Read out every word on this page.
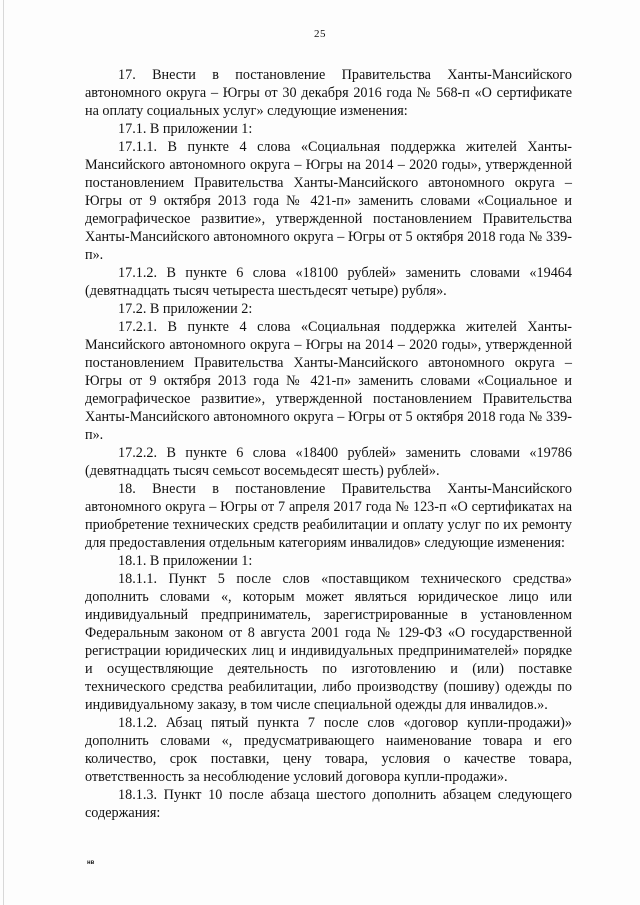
25

17. Внести в постановление Правительства Ханты-Мансийского автономного округа – Югры от 30 декабря 2016 года № 568-п «О сертификате на оплату социальных услуг» следующие изменения:

17.1. В приложении 1:

17.1.1. В пункте 4 слова «Социальная поддержка жителей Ханты-Мансийского автономного округа – Югры на 2014 – 2020 годы», утвержденной постановлением Правительства Ханты-Мансийского автономного округа – Югры от 9 октября 2013 года № 421-п» заменить словами «Социальное и демографическое развитие», утвержденной постановлением Правительства Ханты-Мансийского автономного округа – Югры от 5 октября 2018 года № 339-п».

17.1.2. В пункте 6 слова «18100 рублей» заменить словами «19464 (девятнадцать тысяч четыреста шестьдесят четыре) рубля».

17.2. В приложении 2:

17.2.1. В пункте 4 слова «Социальная поддержка жителей Ханты-Мансийского автономного округа – Югры на 2014 – 2020 годы», утвержденной постановлением Правительства Ханты-Мансийского автономного округа – Югры от 9 октября 2013 года № 421-п» заменить словами «Социальное и демографическое развитие», утвержденной постановлением Правительства Ханты-Мансийского автономного округа – Югры от 5 октября 2018 года № 339-п».

17.2.2. В пункте 6 слова «18400 рублей» заменить словами «19786 (девятнадцать тысяч семьсот восемьдесят шесть) рублей».

18. Внести в постановление Правительства Ханты-Мансийского автономного округа – Югры от 7 апреля 2017 года № 123-п «О сертификатах на приобретение технических средств реабилитации и оплату услуг по их ремонту для предоставления отдельным категориям инвалидов» следующие изменения:

18.1. В приложении 1:

18.1.1. Пункт 5 после слов «поставщиком технического средства» дополнить словами «, которым может являться юридическое лицо или индивидуальный предприниматель, зарегистрированные в установленном Федеральным законом от 8 августа 2001 года № 129-ФЗ «О государственной регистрации юридических лиц и индивидуальных предпринимателей» порядке и осуществляющие деятельность по изготовлению и (или) поставке технического средства реабилитации, либо производству (пошиву) одежды по индивидуальному заказу, в том числе специальной одежды для инвалидов.».

18.1.2. Абзац пятый пункта 7 после слов «договор купли-продажи)» дополнить словами «, предусматривающего наименование товара и его количество, срок поставки, цену товара, условия о качестве товара, ответственность за несоблюдение условий договора купли-продажи».

18.1.3. Пункт 10 после абзаца шестого дополнить абзацем следующего содержания:

нв
